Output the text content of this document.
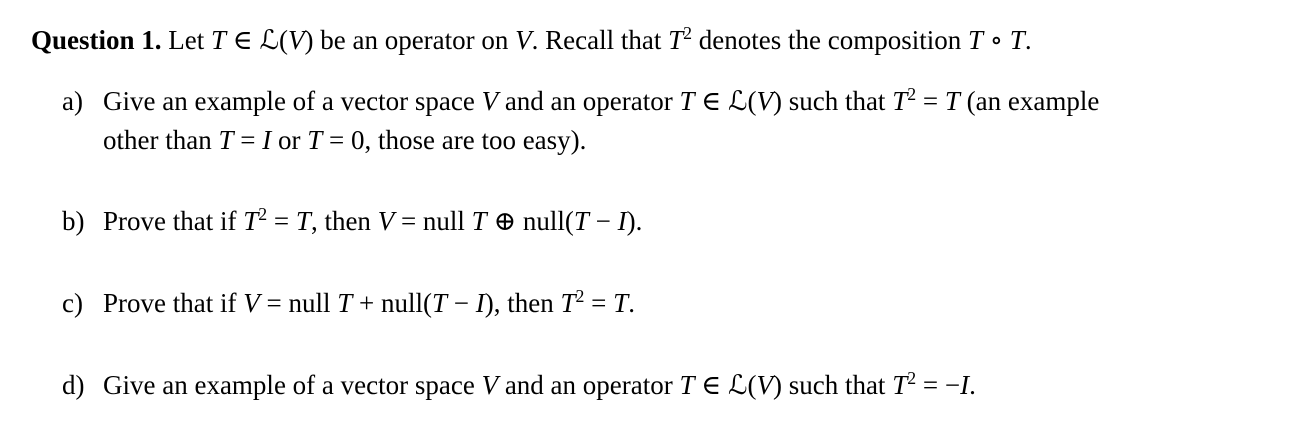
Question 1. Let T ∈ ℒ(V) be an operator on V. Recall that $T^2$ denotes the composition T ∘ T.
a) Give an example of a vector space V and an operator T ∈ ℒ(V) such that $T^2 = T$ (an example
other than T = I or T = 0, those are too easy).
b) Prove that if $T^2 = T$, then V = null T ⊕ null(T − I).
c) Prove that if V = null T + null(T − I), then $T^2 = T$.
d) Give an example of a vector space V and an operator T ∈ ℒ(V) such that $T^2 = -I$.
